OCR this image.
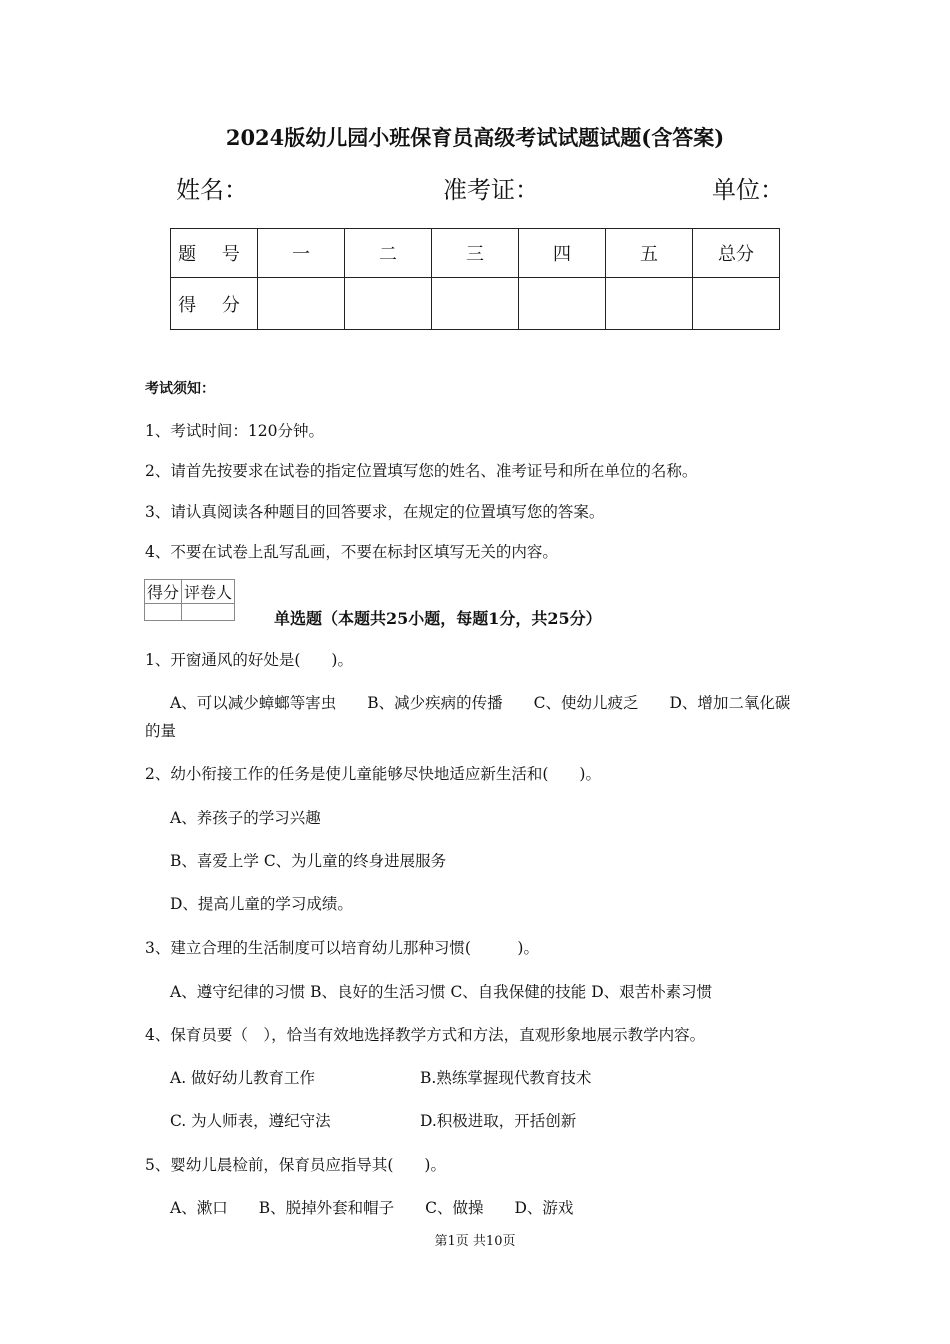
2024版幼儿园小班保育员高级考试试题试题(含答案)
姓名：	准考证：	单位：
题 号	一	二	三	四	五	总分
得 分						
考试须知：
1、考试时间：120分钟。
2、请首先按要求在试卷的指定位置填写您的姓名、准考证号和所在单位的名称。
3、请认真阅读各种题目的回答要求，在规定的位置填写您的答案。
4、不要在试卷上乱写乱画，不要在标封区填写无关的内容。
得分	评卷人

单选题（本题共25小题，每题1分，共25分）
1、开窗通风的好处是(　　)。
A、可以减少蟑螂等害虫　　B、减少疾病的传播　　C、使幼儿疲乏　　D、增加二氧化碳
的量
2、幼小衔接工作的任务是使儿童能够尽快地适应新生活和(　　)。
A、养孩子的学习兴趣
B、喜爱上学 C、为儿童的终身进展服务
D、提高儿童的学习成绩。
3、建立合理的生活制度可以培育幼儿那种习惯(　　　)。
A、遵守纪律的习惯 B、良好的生活习惯 C、自我保健的技能 D、艰苦朴素习惯
4、保育员要（　），恰当有效地选择教学方式和方法，直观形象地展示教学内容。
A. 做好幼儿教育工作	B.熟练掌握现代教育技术
C. 为人师表，遵纪守法	D.积极进取，开括创新
5、婴幼儿晨检前，保育员应指导其(　　)。
A、漱口　　B、脱掉外套和帽子　　C、做操　　D、游戏
第1页 共10页
